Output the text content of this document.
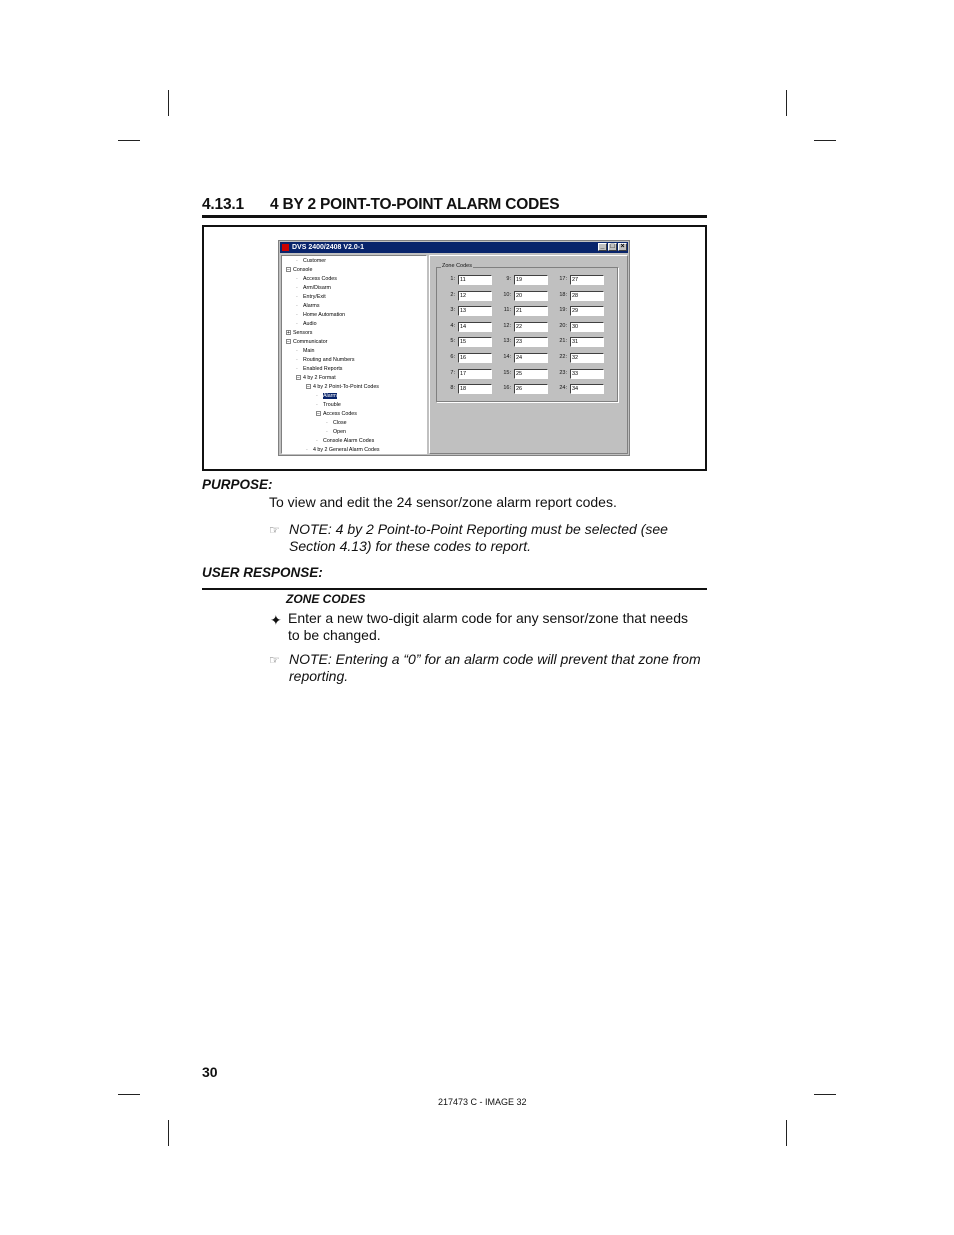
4.13.1 4 BY 2 POINT-TO-POINT ALARM CODES
DVS 2400/2408 V2.0-1	_ □ ×
- Customer
− Console
- Access Codes
- Arm/Disarm
- Entry/Exit
- Alarms
- Home Automation
- Audio
+ Sensors
− Communicator
- Main
- Routing and Numbers
- Enabled Reports
− 4 by 2 Format
− 4 by 2 Point-To-Point Codes
- Alarm
- Trouble
− Access Codes
- Close
- Open
- Console Alarm Codes
- 4 by 2 General Alarm Codes
Zone Codes
1:
11
2:
12
3:
13
4:
14
5:
15
6:
16
7:
17
8:
18
9:
19
10:
20
11:
21
12:
22
13:
23
14:
24
15:
25
16:
26
17:
27
18:
28
19:
29
20:
30
21:
31
22:
32
23:
33
24:
34
PURPOSE:
To view and edit the 24 sensor/zone alarm report codes.
☞ NOTE: 4 by 2 Point-to-Point Reporting must be selected (see
Section 4.13) for these codes to report.
USER RESPONSE:
ZONE CODES
✦ Enter a new two-digit alarm code for any sensor/zone that needs
to be changed.
☞ NOTE: Entering a “0” for an alarm code will prevent that zone from
reporting.
30
217473 C - IMAGE 32
